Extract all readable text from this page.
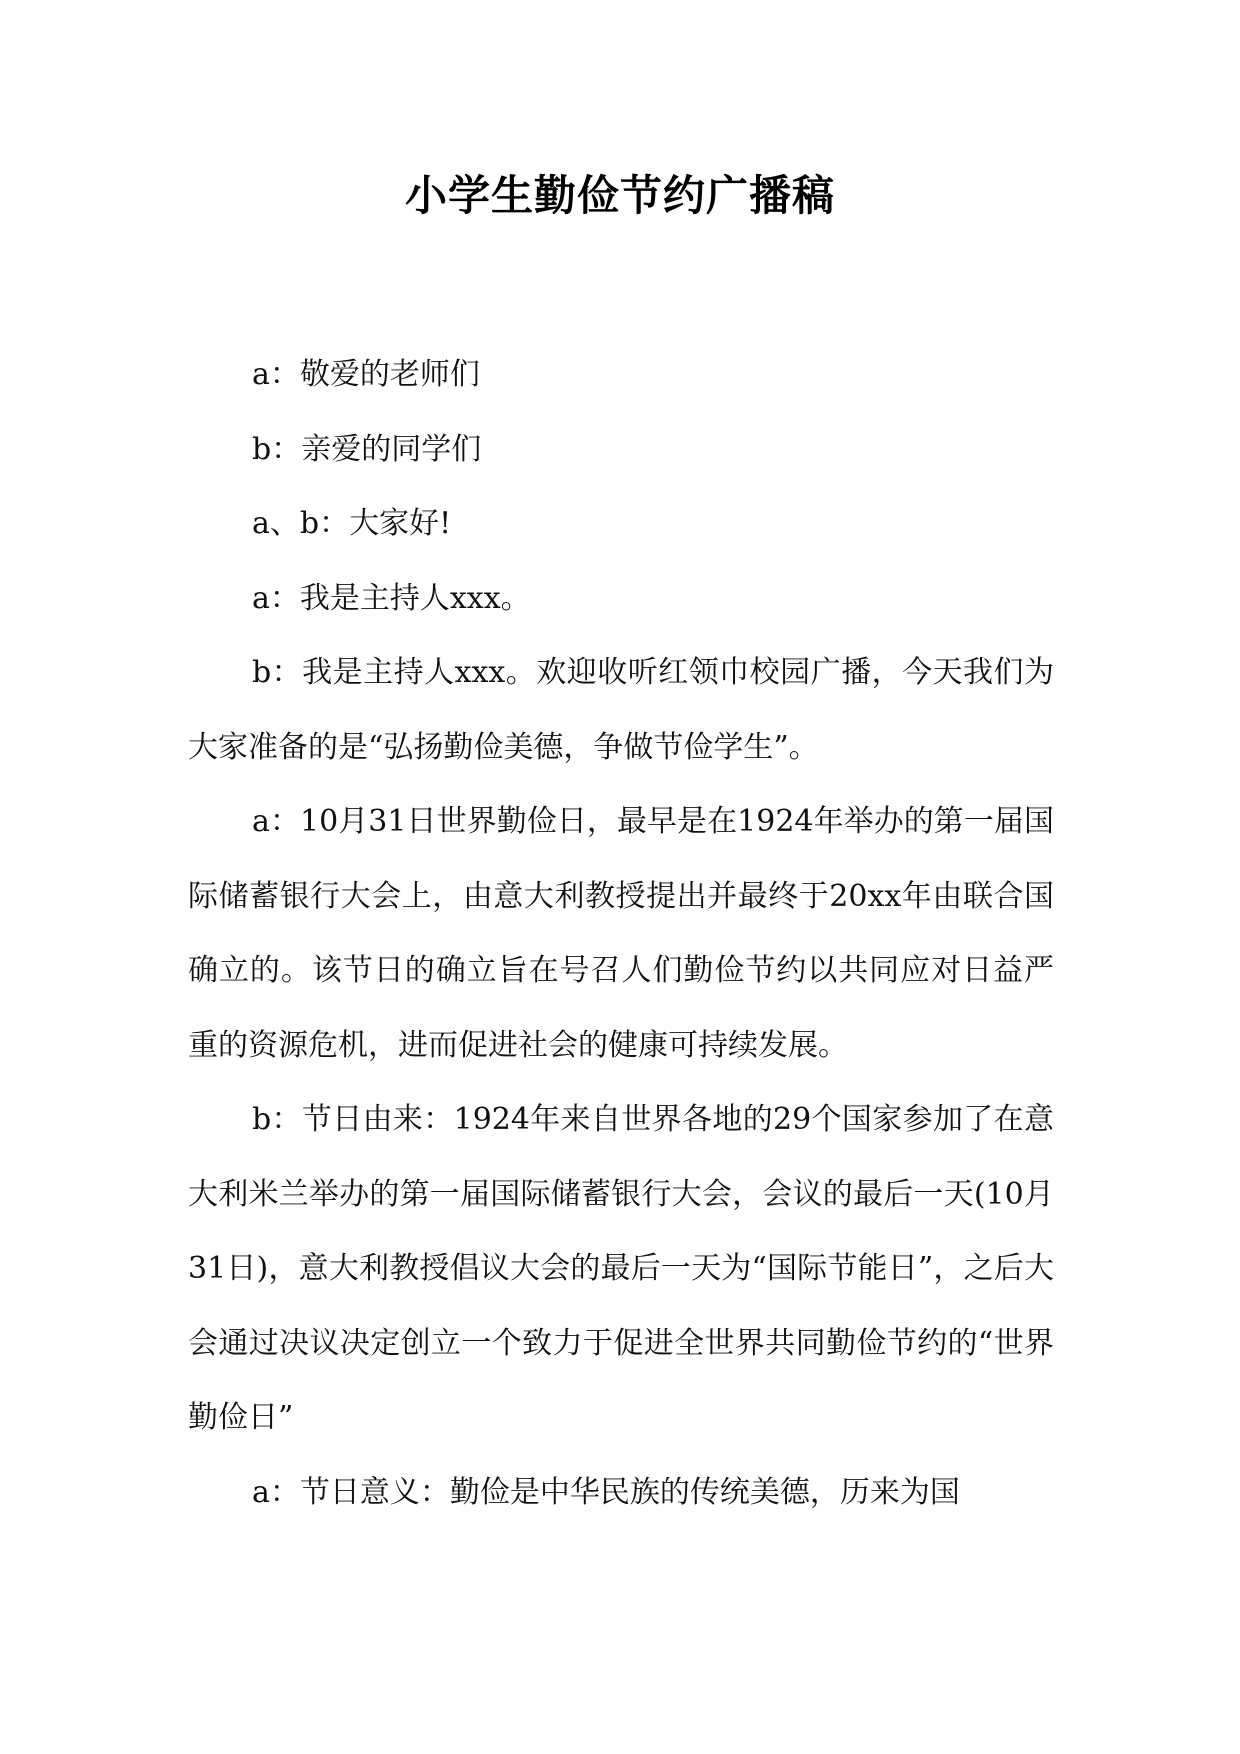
小学生勤俭节约广播稿

a：敬爱的老师们

b：亲爱的同学们

a、b：大家好!

a：我是主持人xxx。

b：我是主持人xxx。欢迎收听红领巾校园广播，今天我们为大家准备的是“弘扬勤俭美德，争做节俭学生”。

a：10月31日世界勤俭日，最早是在1924年举办的第一届国际储蓄银行大会上，由意大利教授提出并最终于20xx年由联合国确立的。该节日的确立旨在号召人们勤俭节约以共同应对日益严重的资源危机，进而促进社会的健康可持续发展。

b：节日由来：1924年来自世界各地的29个国家参加了在意大利米兰举办的第一届国际储蓄银行大会，会议的最后一天(10月31日)，意大利教授倡议大会的最后一天为“国际节能日”，之后大会通过决议决定创立一个致力于促进全世界共同勤俭节约的“世界勤俭日”

a：节日意义：勤俭是中华民族的传统美德，历来为国
